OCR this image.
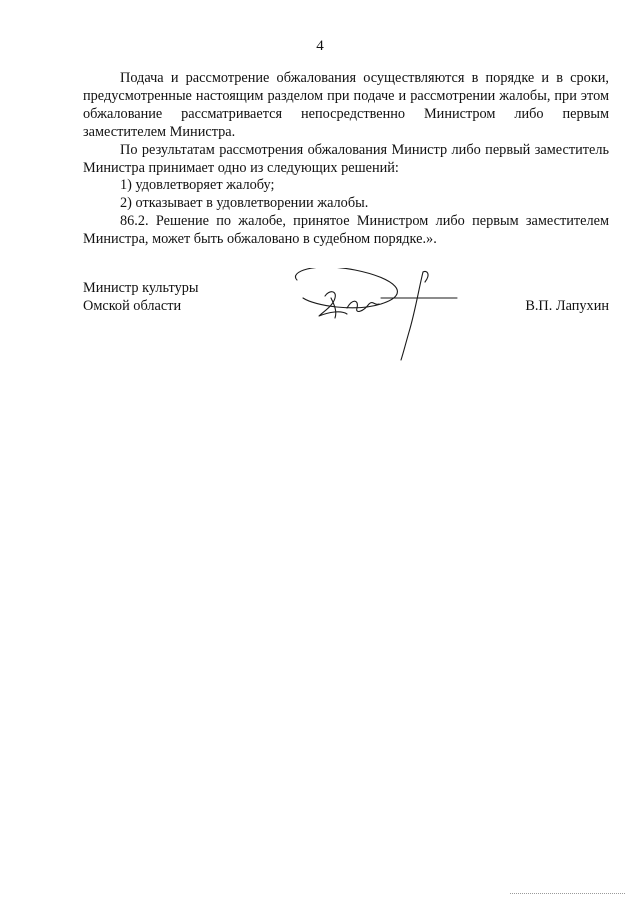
4

Подача и рассмотрение обжалования осуществляются в порядке и в сроки, предусмотренные настоящим разделом при подаче и рассмотрении жалобы, при этом обжалование рассматривается непосредственно Министром либо первым заместителем Министра.

По результатам рассмотрения обжалования Министр либо первый заместитель Министра принимает одно из следующих решений:

1) удовлетворяет жалобу;

2) отказывает в удовлетворении жалобы.

86.2. Решение по жалобе, принятое Министром либо первым заместителем Министра, может быть обжаловано в судебном порядке.».

Министр культуры
Омской области	В.П. Лапухин
